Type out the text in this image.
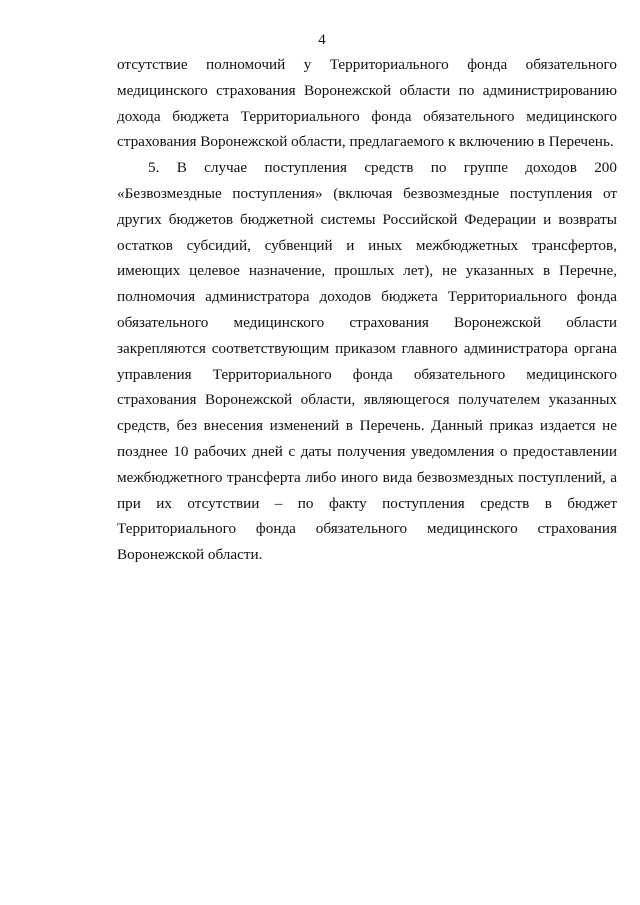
4

отсутствие полномочий у Территориального фонда обязательного медицинского страхования Воронежской области по администрированию дохода бюджета Территориального фонда обязательного медицинского страхования Воронежской области, предлагаемого к включению в Перечень.

5. В случае поступления средств по группе доходов 200 «Безвозмездные поступления» (включая безвозмездные поступления от других бюджетов бюджетной системы Российской Федерации и возвраты остатков субсидий, субвенций и иных межбюджетных трансфертов, имеющих целевое назначение, прошлых лет), не указанных в Перечне, полномочия администратора доходов бюджета Территориального фонда обязательного медицинского страхования Воронежской области закрепляются соответствующим приказом главного администратора органа управления Территориального фонда обязательного медицинского страхования Воронежской области, являющегося получателем указанных средств, без внесения изменений в Перечень. Данный приказ издается не позднее 10 рабочих дней с даты получения уведомления о предоставлении межбюджетного трансферта либо иного вида безвозмездных поступлений, а при их отсутствии – по факту поступления средств в бюджет Территориального фонда обязательного медицинского страхования Воронежской области.
